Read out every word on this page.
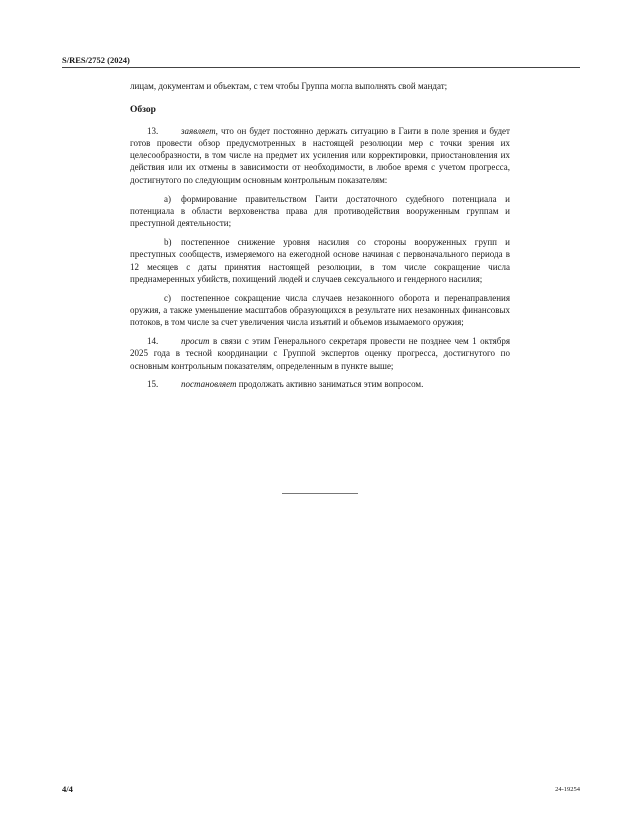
S/RES/2752 (2024)

лицам, документам и объектам, с тем чтобы Группа могла выполнять свой мандат;

Обзор

13.	заявляет, что он будет постоянно держать ситуацию в Гаити в поле зрения и будет готов провести обзор предусмотренных в настоящей резолюции мер с точки зрения их целесообразности, в том числе на предмет их усиления или корректировки, приостановления их действия или их отмены в зависимости от необходимости, в любое время с учетом прогресса, достигнутого по следующим основным контрольным показателям:

a) формирование правительством Гаити достаточного судебного потенциала и потенциала в области верховенства права для противодействия вооруженным группам и преступной деятельности;

b) постепенное снижение уровня насилия со стороны вооруженных групп и преступных сообществ, измеряемого на ежегодной основе начиная с первоначального периода в 12 месяцев с даты принятия настоящей резолюции, в том числе сокращение числа преднамеренных убийств, похищений людей и случаев сексуального и гендерного насилия;

c) постепенное сокращение числа случаев незаконного оборота и перенаправления оружия, а также уменьшение масштабов образующихся в результате них незаконных финансовых потоков, в том числе за счет увеличения числа изъятий и объемов изымаемого оружия;

14.	просит в связи с этим Генерального секретаря провести не позднее чем 1 октября 2025 года в тесной координации с Группой экспертов оценку прогресса, достигнутого по основным контрольным показателям, определенным в пункте выше;

15.	постановляет продолжать активно заниматься этим вопросом.

4/4	24-19254
